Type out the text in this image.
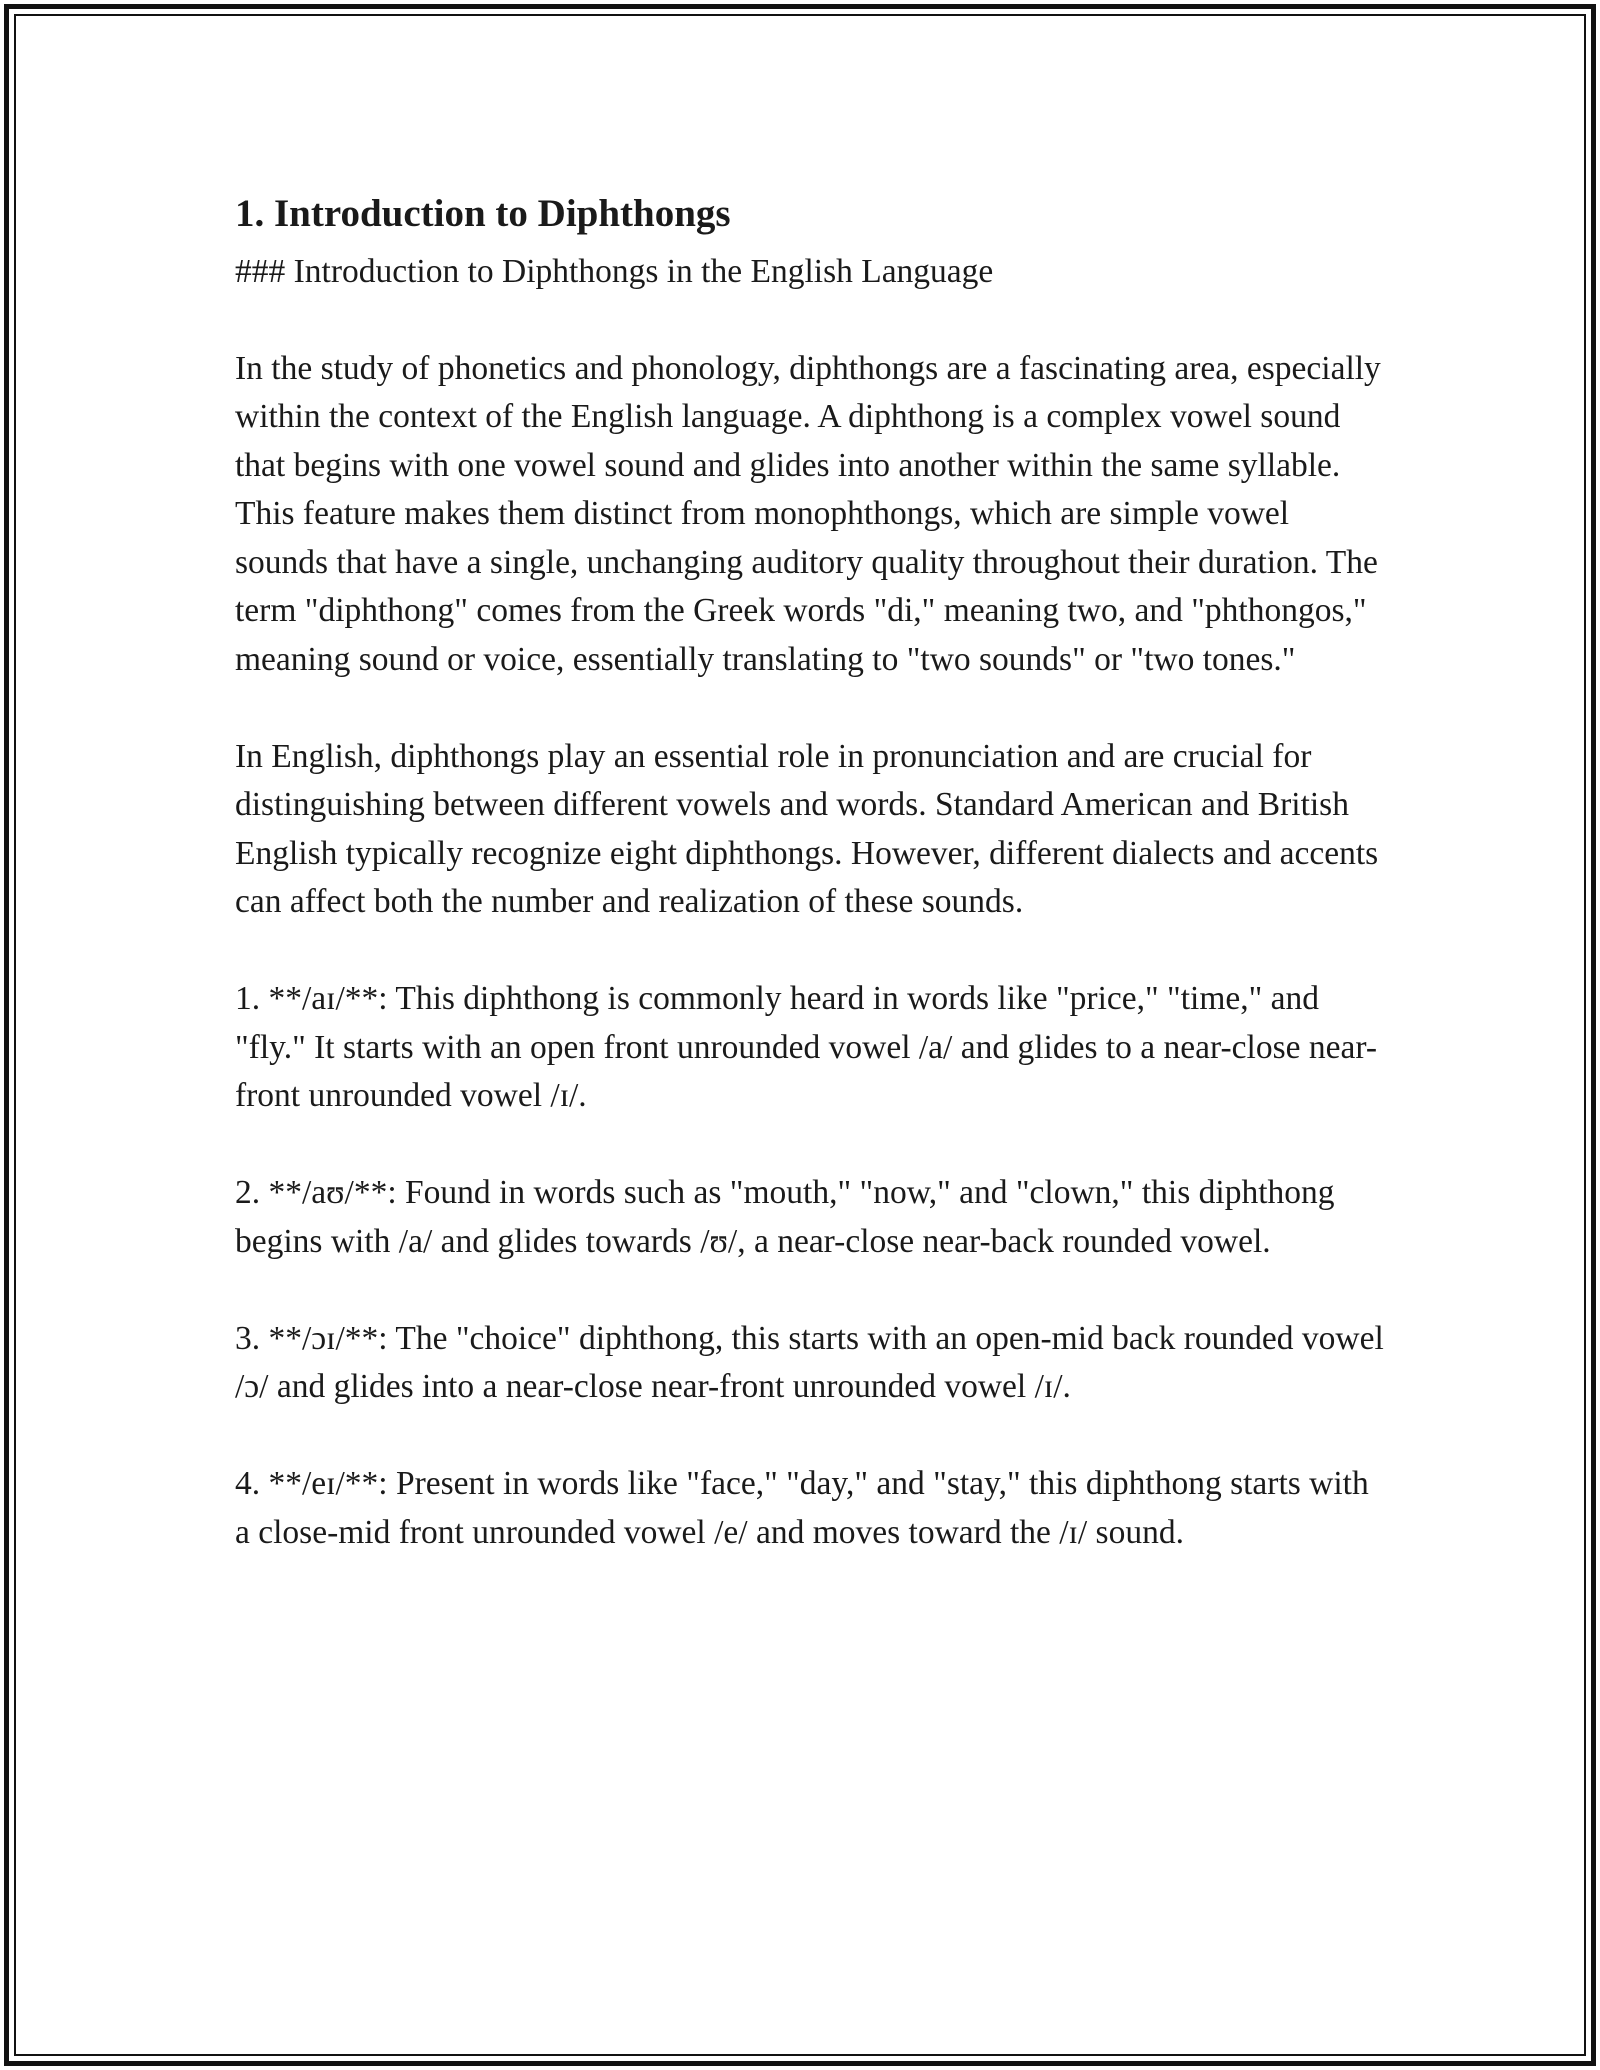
1. Introduction to Diphthongs

### Introduction to Diphthongs in the English Language

In the study of phonetics and phonology, diphthongs are a fascinating area, especially within the context of the English language. A diphthong is a complex vowel sound that begins with one vowel sound and glides into another within the same syllable. This feature makes them distinct from monophthongs, which are simple vowel sounds that have a single, unchanging auditory quality throughout their duration. The term "diphthong" comes from the Greek words "di," meaning two, and "phthongos," meaning sound or voice, essentially translating to "two sounds" or "two tones."

In English, diphthongs play an essential role in pronunciation and are crucial for distinguishing between different vowels and words. Standard American and British English typically recognize eight diphthongs. However, different dialects and accents can affect both the number and realization of these sounds.

1. **/aɪ/**: This diphthong is commonly heard in words like "price," "time," and "fly." It starts with an open front unrounded vowel /a/ and glides to a near-close near-front unrounded vowel /ɪ/.

2. **/aʊ/**: Found in words such as "mouth," "now," and "clown," this diphthong begins with /a/ and glides towards /ʊ/, a near-close near-back rounded vowel.

3. **/ɔɪ/**: The "choice" diphthong, this starts with an open-mid back rounded vowel /ɔ/ and glides into a near-close near-front unrounded vowel /ɪ/.

4. **/eɪ/**: Present in words like "face," "day," and "stay," this diphthong starts with a close-mid front unrounded vowel /e/ and moves toward the /ɪ/ sound.
